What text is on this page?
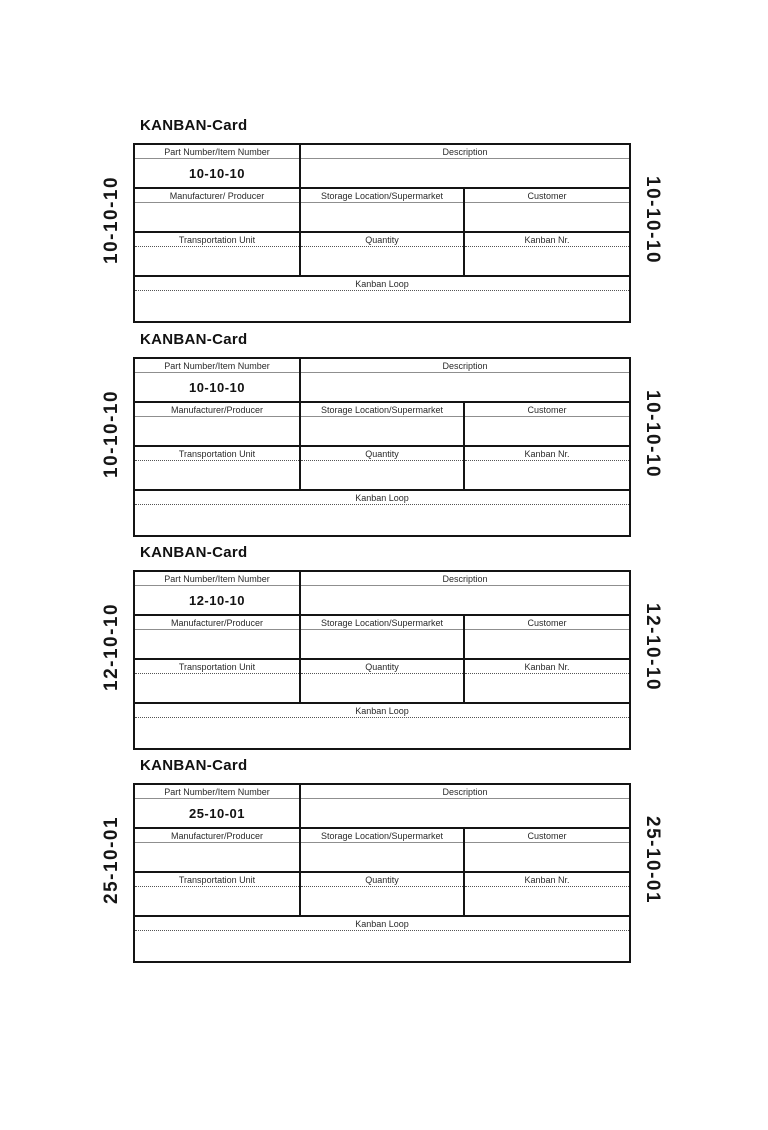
10-10-10	10-10-10
KANBAN-Card
Part Number/Item Number
10-10-10
Description
Manufacturer/ Producer	Storage Location/Supermarket	Customer
Transportation Unit	Quantity	Kanban Nr.
Kanban Loop
10-10-10	10-10-10
KANBAN-Card
Part Number/Item Number
10-10-10
Description
Manufacturer/Producer	Storage Location/Supermarket	Customer
Transportation Unit	Quantity	Kanban Nr.
Kanban Loop
12-10-10	12-10-10
KANBAN-Card
Part Number/Item Number
12-10-10
Description
Manufacturer/Producer	Storage Location/Supermarket	Customer
Transportation Unit	Quantity	Kanban Nr.
Kanban Loop
25-10-01	25-10-01
KANBAN-Card
Part Number/Item Number
25-10-01
Description
Manufacturer/Producer	Storage Location/Supermarket	Customer
Transportation Unit	Quantity	Kanban Nr.
Kanban Loop
